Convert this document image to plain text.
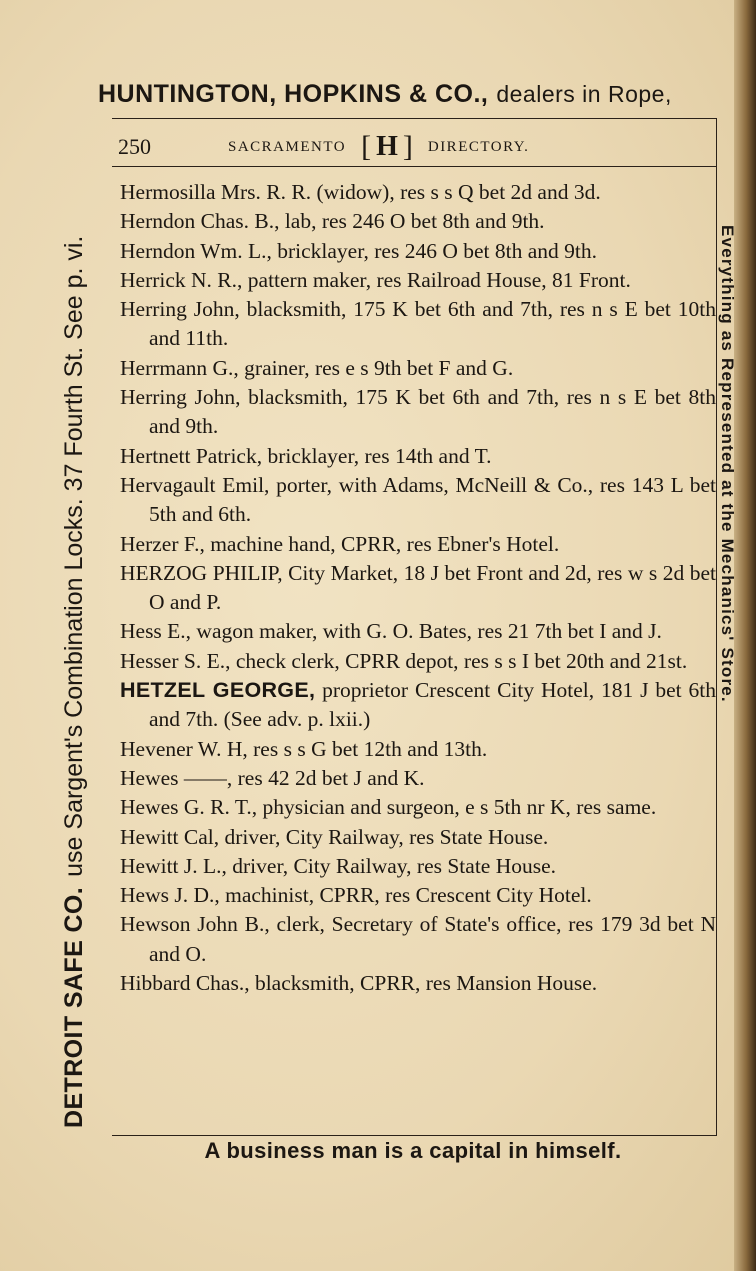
HUNTINGTON, HOPKINS & CO., dealers in Rope,
DETROIT SAFE CO.
use Sargent's Combination Locks. 37 Fourth St. See p. vi.	Everything as Represented at the Mechanics' Store.
250	SACRAMENTO [ H ] DIRECTORY.
Hermosilla Mrs. R. R. (widow), res s s Q bet 2d and 3d.
Herndon Chas. B., lab, res 246 O bet 8th and 9th.
Herndon Wm. L., bricklayer, res 246 O bet 8th and 9th.
Herrick N. R., pattern maker, res Railroad House, 81 Front.
Herring John, blacksmith, 175 K bet 6th and 7th, res n s E bet 10th and 11th.
Herrmann G., grainer, res e s 9th bet F and G.
Herring John, blacksmith, 175 K bet 6th and 7th, res n s E bet 8th and 9th.
Hertnett Patrick, bricklayer, res 14th and T.
Hervagault Emil, porter, with Adams, McNeill & Co., res 143 L bet 5th and 6th.
Herzer F., machine hand, CPRR, res Ebner's Hotel.
HERZOG PHILIP, City Market, 18 J bet Front and 2d, res w s 2d bet O and P.
Hess E., wagon maker, with G. O. Bates, res 21 7th bet I and J.
Hesser S. E., check clerk, CPRR depot, res s s I bet 20th and 21st.
HETZEL GEORGE, proprietor Crescent City Hotel, 181 J bet 6th and 7th. (See adv. p. lxii.)
Hevener W. H, res s s G bet 12th and 13th.
Hewes ——, res 42 2d bet J and K.
Hewes G. R. T., physician and surgeon, e s 5th nr K, res same.
Hewitt Cal, driver, City Railway, res State House.
Hewitt J. L., driver, City Railway, res State House.
Hews J. D., machinist, CPRR, res Crescent City Hotel.
Hewson John B., clerk, Secretary of State's office, res 179 3d bet N and O.
Hibbard Chas., blacksmith, CPRR, res Mansion House.
A business man is a capital in himself.
